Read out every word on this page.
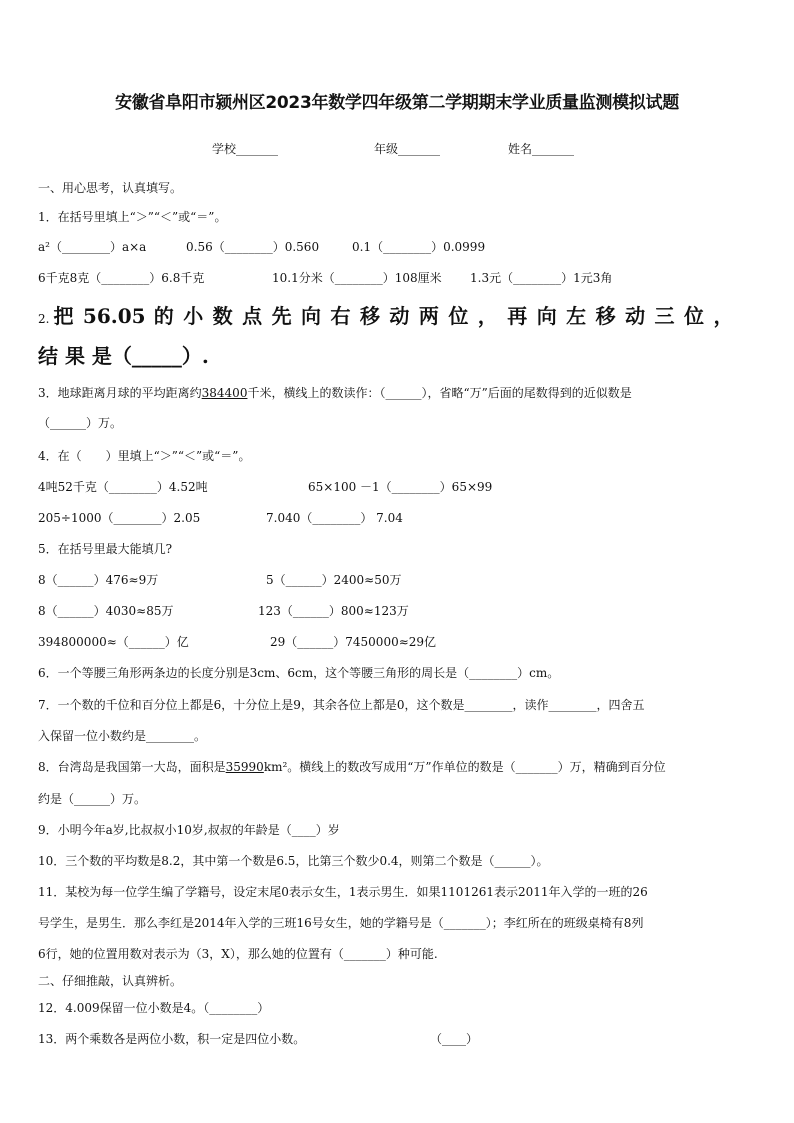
安徽省阜阳市颍州区2023年数学四年级第二学期期末学业质量监测模拟试题
学校_______	年级_______	姓名_______
一、用心思考，认真填写。
1．在括号里填上“＞”“＜”或“＝”。
a²（________）a×a	0.56（________）0.560	0.1（________）0.0999
6千克8克（________）6.8千克	10.1分米（________）108厘米 1.3元（________）1元3角
2. 把 56.05 的 小 数 点 先 向 右 移 动 两 位 ， 再 向 左 移 动 三 位 ，
结 果 是（_____）.
3．地球距离月球的平均距离约384400千米，横线上的数读作：（______），省略“万”后面的尾数得到的近似数是
（______）万。
4．在（　　）里填上“＞”“＜”或“＝”。
4吨52千克（________）4.52吨	65×100 －1（________）65×99
205÷1000（________）2.05	7.040（________） 7.04
5．在括号里最大能填几?
8（______）476≈9万	5（______）2400≈50万
8（______）4030≈85万	123（______）800≈123万
394800000≈（______）亿	29（______）7450000≈29亿
6．一个等腰三角形两条边的长度分别是3cm、6cm，这个等腰三角形的周长是（________）cm。
7．一个数的千位和百分位上都是6，十分位上是9，其余各位上都是0，这个数是________，读作________，四舍五
入保留一位小数约是________。
8．台湾岛是我国第一大岛，面积是35990km²。横线上的数改写成用“万”作单位的数是（_______）万，精确到百分位
约是（______）万。
9．小明今年a岁,比叔叔小10岁,叔叔的年龄是（____）岁
10．三个数的平均数是8.2，其中第一个数是6.5，比第三个数少0.4，则第二个数是（______）。
11．某校为每一位学生编了学籍号，设定末尾0表示女生，1表示男生．如果1101261表示2011年入学的一班的26
号学生，是男生．那么李红是2014年入学的三班16号女生，她的学籍号是（_______）；李红所在的班级桌椅有8列
6行，她的位置用数对表示为（3，X），那么她的位置有（_______）种可能.
二、仔细推敲，认真辨析。
12．4.009保留一位小数是4。（________）
13．两个乘数各是两位小数，积一定是四位小数。	（____）
